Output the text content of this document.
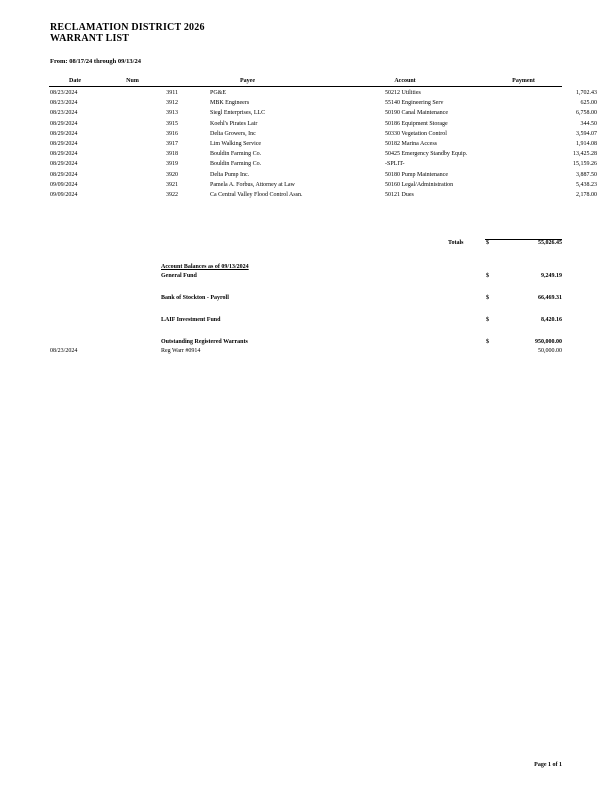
RECLAMATION DISTRICT 2026
WARRANT LIST
From: 08/17/24 through 09/13/24
Date	Num	Payee	Account	Payment
08/23/2024	3911	PG&E	50212 Utilities	1,702.43
08/23/2024	3912	MBK Engineers	55140 Engineering Serv	625.00
08/23/2024	3913	Siegl Enterprises, LLC	50190 Canal Maintenance	6,758.00
08/29/2024	3915	Koehl's Pirates Lair	50186 Equipment Storage	344.50
08/29/2024	3916	Delta Growers, Inc	50330 Vegetation Control	3,594.07
08/29/2024	3917	Lim Walking Service	50182 Marina Access	1,914.08
08/29/2024	3918	Bouldin Farming Co.	50425 Emergency Standby Equip.	13,425.28
08/29/2024	3919	Bouldin Farming Co.	-SPLIT-	15,159.26
08/29/2024	3920	Delta Pump Inc.	50180 Pump Maintenance	3,887.50
09/09/2024	3921	Pamela A. Forbus, Attorney at Law	50160 Legal/Administration	5,438.23
09/09/2024	3922	Ca Central Valley Flood Control Assn.	50121 Dues	2,178.00
Totals	$	55,026.45
Account Balances as of 09/13/2024
General Fund	$	9,249.19
Bank of Stockton - Payroll	$	66,469.31
LAIF Investment Fund	$	8,420.16
Outstanding Registered Warrants	$	950,000.00
08/23/2024	Reg Warr #0914	50,000.00
Page 1 of 1
